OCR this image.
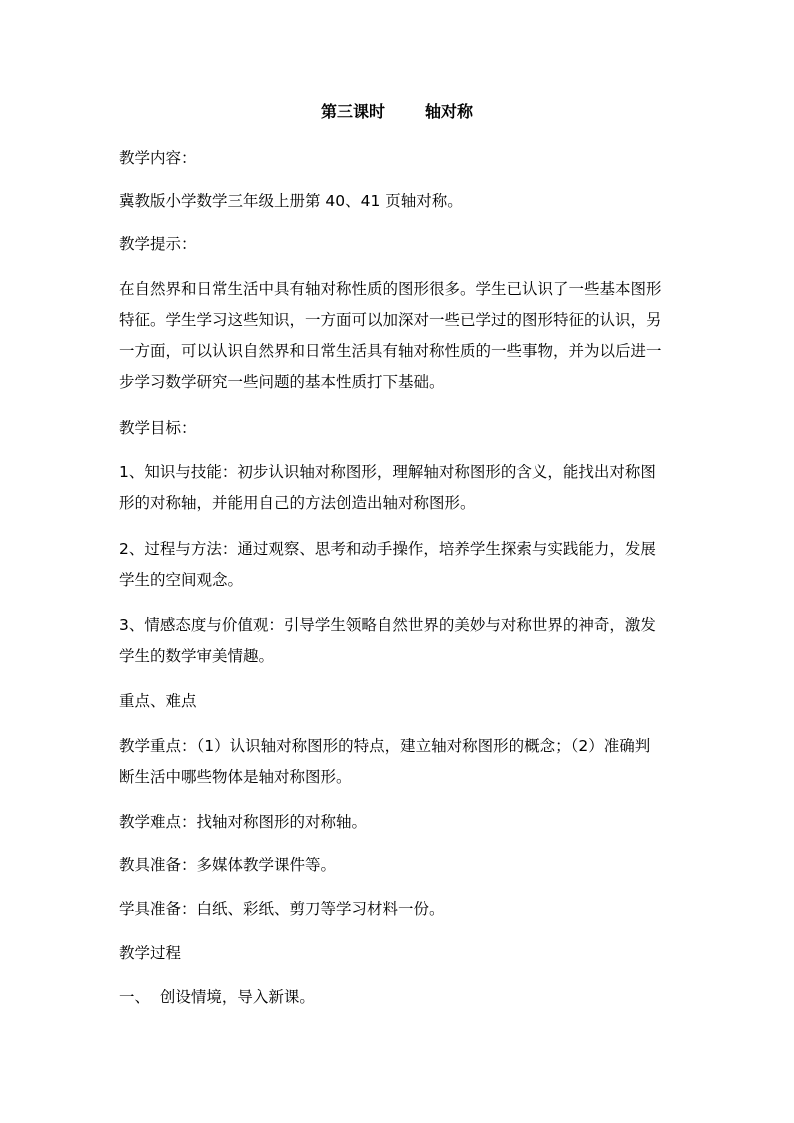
第三课时	轴对称

教学内容：

冀教版小学数学三年级上册第 40、41 页轴对称。

教学提示：

在自然界和日常生活中具有轴对称性质的图形很多。学生已认识了一些基本图形
特征。学生学习这些知识，一方面可以加深对一些已学过的图形特征的认识，另
一方面，可以认识自然界和日常生活具有轴对称性质的一些事物，并为以后进一
步学习数学研究一些问题的基本性质打下基础。

教学目标：

1、知识与技能：初步认识轴对称图形，理解轴对称图形的含义，能找出对称图
形的对称轴，并能用自己的方法创造出轴对称图形。
2、过程与方法：通过观察、思考和动手操作，培养学生探索与实践能力，发展
学生的空间观念。
3、情感态度与价值观：引导学生领略自然世界的美妙与对称世界的神奇，激发
学生的数学审美情趣。

重点、难点

教学重点：（1）认识轴对称图形的特点，建立轴对称图形的概念；（2）准确判
断生活中哪些物体是轴对称图形。

教学难点：找轴对称图形的对称轴。

教具准备：多媒体教学课件等。

学具准备：白纸、彩纸、剪刀等学习材料一份。

教学过程

一、  创设情境，导入新课。
